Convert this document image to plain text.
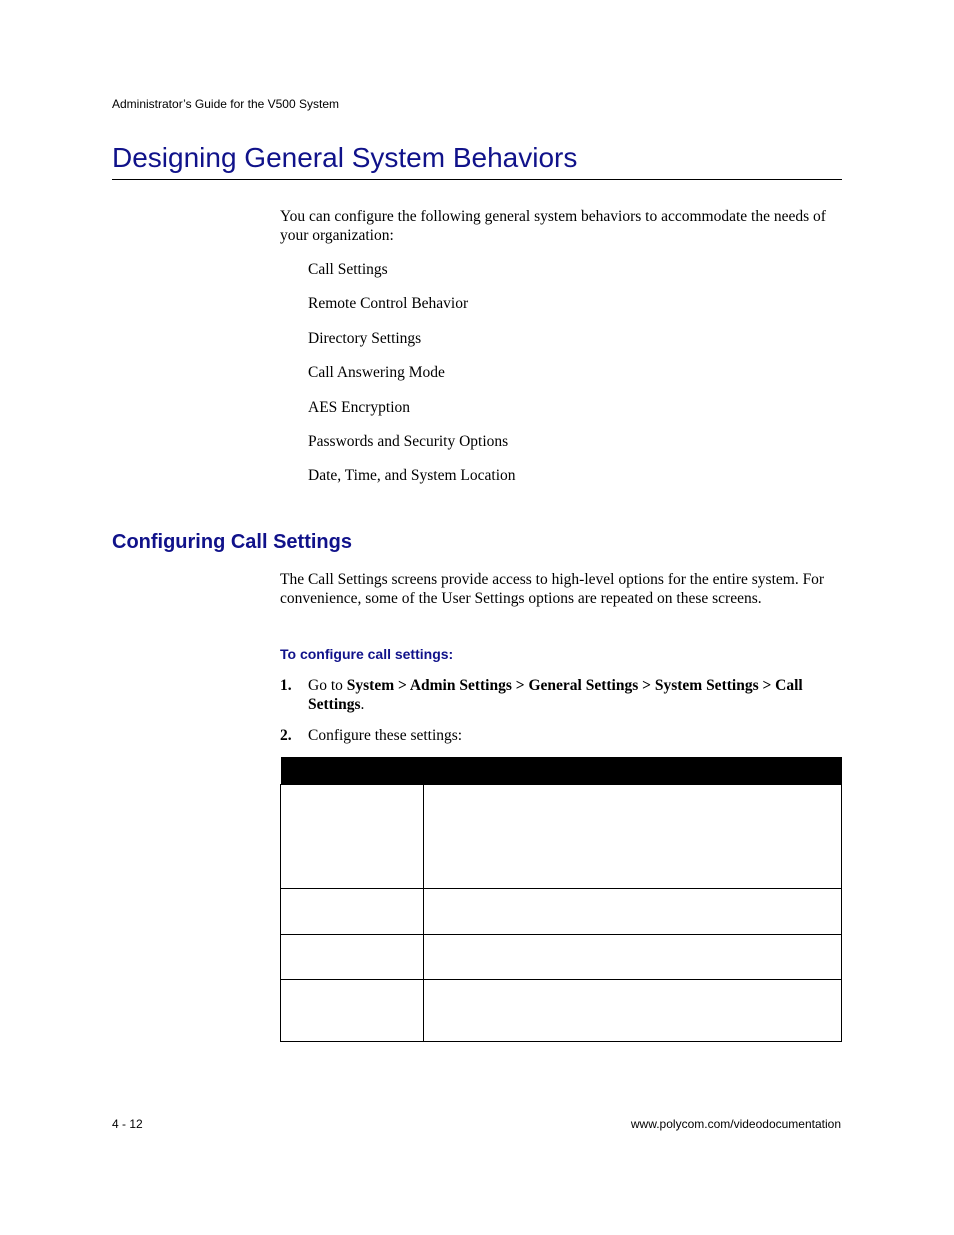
Administrator’s Guide for the V500 System
Designing General System Behaviors

You can configure the following general system behaviors to accommodate the needs of your organization:

Call Settings
Remote Control Behavior
Directory Settings
Call Answering Mode
AES Encryption
Passwords and Security Options
Date, Time, and System Location
Configuring Call Settings

The Call Settings screens provide access to high-level options for the entire system. For convenience, some of the User Settings options are repeated on these screens.

To configure call settings:
1. Go to System > Admin Settings > General Settings > System Settings > Call Settings.
2. Configure these settings:

4 - 12	www.polycom.com/videodocumentation
